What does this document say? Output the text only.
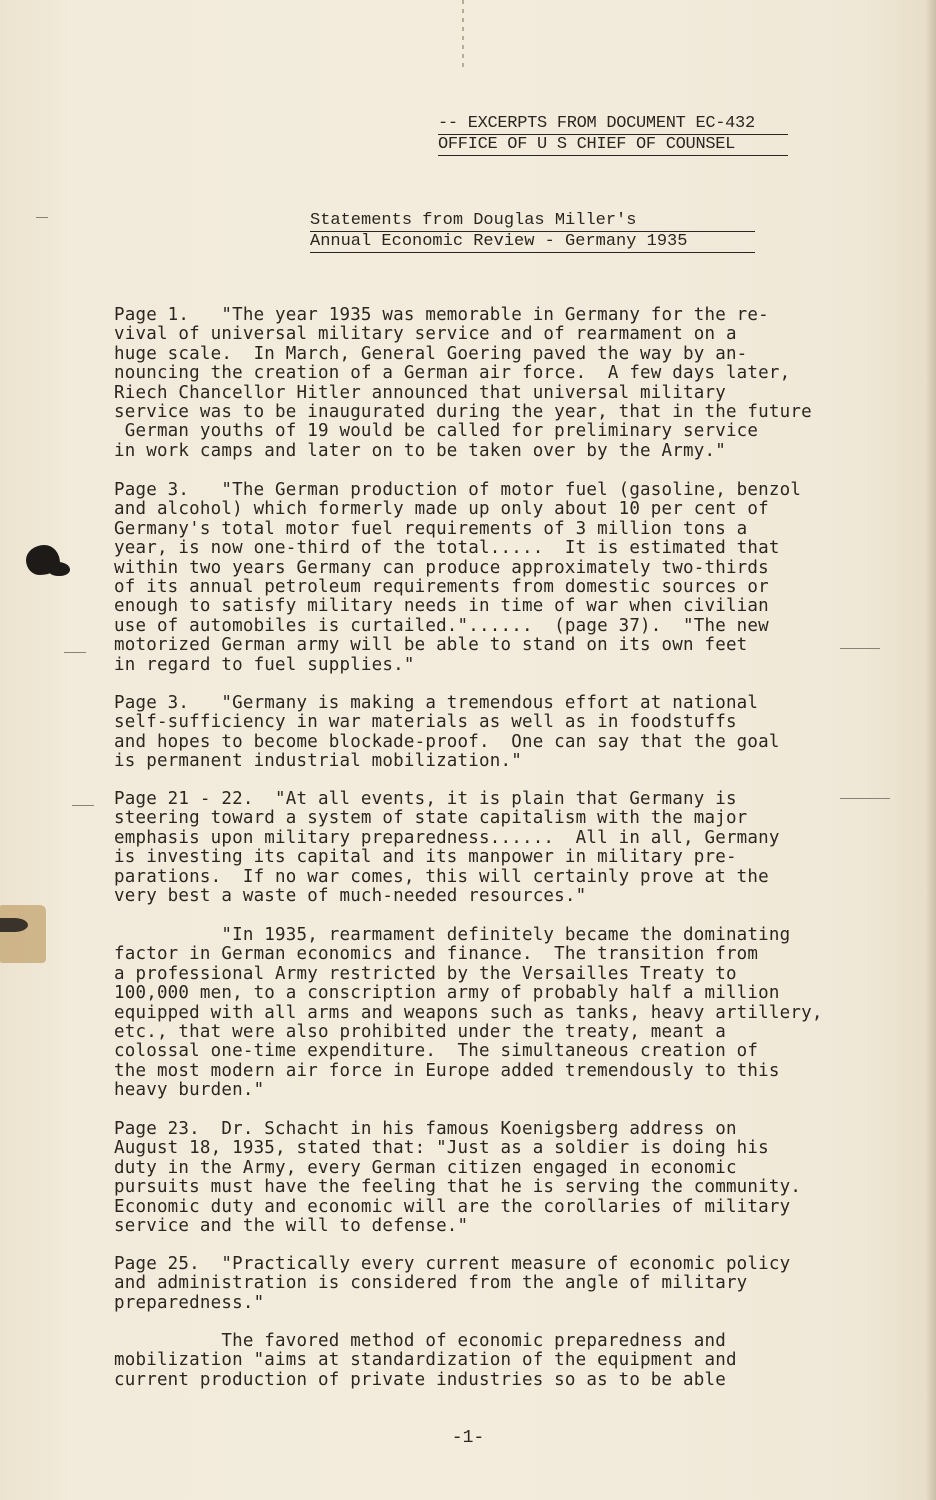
-- EXCERPTS FROM DOCUMENT EC-432
OFFICE OF U S CHIEF OF COUNSEL
Statements from Douglas Miller's
Annual Economic Review - Germany 1935
Page 1.   "The year 1935 was memorable in Germany for the re-
vival of universal military service and of rearmament on a
huge scale.  In March, General Goering paved the way by an-
nouncing the creation of a German air force.  A few days later,
Riech Chancellor Hitler announced that universal military
service was to be inaugurated during the year, that in the future
German youths of 19 would be called for preliminary service
in work camps and later on to be taken over by the Army."
Page 3.   "The German production of motor fuel (gasoline, benzol
and alcohol) which formerly made up only about 10 per cent of
Germany's total motor fuel requirements of 3 million tons a
year, is now one-third of the total.....  It is estimated that
within two years Germany can produce approximately two-thirds
of its annual petroleum requirements from domestic sources or
enough to satisfy military needs in time of war when civilian
use of automobiles is curtailed."......  (page 37).  "The new
motorized German army will be able to stand on its own feet
in regard to fuel supplies."
Page 3.   "Germany is making a tremendous effort at national
self-sufficiency in war materials as well as in foodstuffs
and hopes to become blockade-proof.  One can say that the goal
is permanent industrial mobilization."
Page 21 - 22.  "At all events, it is plain that Germany is
steering toward a system of state capitalism with the major
emphasis upon military preparedness......  All in all, Germany
is investing its capital and its manpower in military pre-
parations.  If no war comes, this will certainly prove at the
very best a waste of much-needed resources."
"In 1935, rearmament definitely became the dominating
factor in German economics and finance.  The transition from
a professional Army restricted by the Versailles Treaty to
100,000 men, to a conscription army of probably half a million
equipped with all arms and weapons such as tanks, heavy artillery,
etc., that were also prohibited under the treaty, meant a
colossal one-time expenditure.  The simultaneous creation of
the most modern air force in Europe added tremendously to this
heavy burden."
Page 23.  Dr. Schacht in his famous Koenigsberg address on
August 18, 1935, stated that: "Just as a soldier is doing his
duty in the Army, every German citizen engaged in economic
pursuits must have the feeling that he is serving the community.
Economic duty and economic will are the corollaries of military
service and the will to defense."
Page 25.  "Practically every current measure of economic policy
and administration is considered from the angle of military
preparedness."
The favored method of economic preparedness and
mobilization "aims at standardization of the equipment and
current production of private industries so as to be able
-1-
